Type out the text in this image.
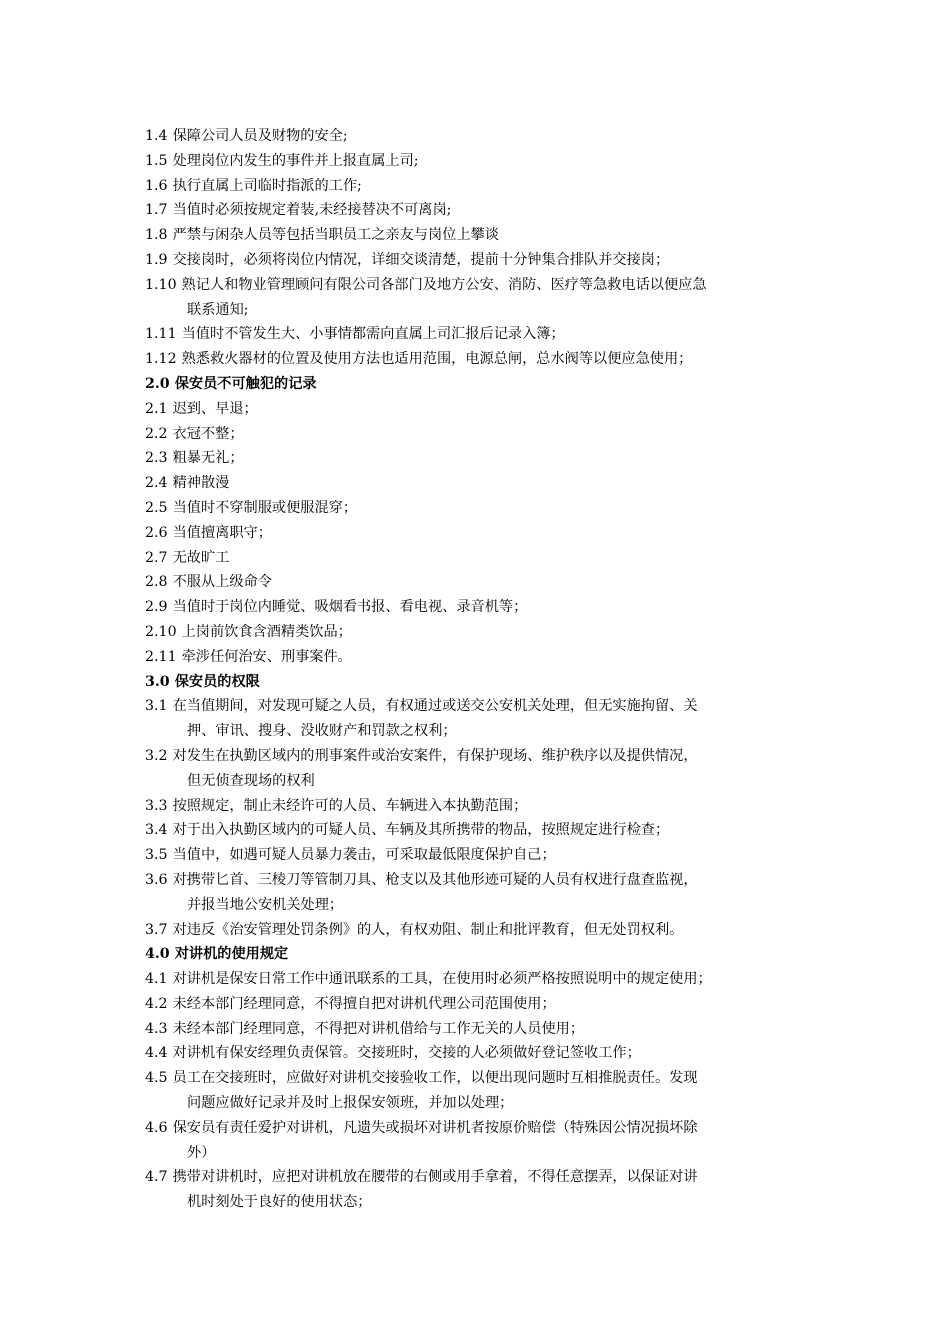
1.4 保障公司人员及财物的安全;
1.5 处理岗位内发生的事件并上报直属上司;
1.6 执行直属上司临时指派的工作;
1.7 当值时必须按规定着装,未经接替决不可离岗;
1.8 严禁与闲杂人员等包括当职员工之亲友与岗位上攀谈
1.9 交接岗时，必须将岗位内情况，详细交谈清楚，提前十分钟集合排队并交接岗；
1.10 熟记人和物业管理顾问有限公司各部门及地方公安、消防、医疗等急救电话以便应急
联系通知;
1.11 当值时不管发生大、小事情都需向直属上司汇报后记录入簿；
1.12 熟悉救火器材的位置及使用方法也适用范围，电源总闸，总水阀等以便应急使用；
2.0 保安员不可触犯的记录
2.1 迟到、早退；
2.2 衣冠不整；
2.3 粗暴无礼；
2.4 精神散漫
2.5 当值时不穿制服或便服混穿；
2.6 当值擅离职守；
2.7 无故旷工
2.8 不服从上级命令
2.9 当值时于岗位内睡觉、吸烟看书报、看电视、录音机等；
2.10 上岗前饮食含酒精类饮品；
2.11 牵涉任何治安、刑事案件。
3.0 保安员的权限
3.1 在当值期间，对发现可疑之人员，有权通过或送交公安机关处理，但无实施拘留、关
押、审讯、搜身、没收财产和罚款之权利；
3.2 对发生在执勤区域内的刑事案件或治安案件，有保护现场、维护秩序以及提供情况，
但无侦查现场的权利
3.3 按照规定，制止未经许可的人员、车辆进入本执勤范围；
3.4 对于出入执勤区域内的可疑人员、车辆及其所携带的物品，按照规定进行检查；
3.5 当值中，如遇可疑人员暴力袭击，可采取最低限度保护自己；
3.6 对携带匕首、三棱刀等管制刀具、枪支以及其他形迹可疑的人员有权进行盘查监视，
并报当地公安机关处理；
3.7 对违反《治安管理处罚条例》的人，有权劝阻、制止和批评教育，但无处罚权利。
4.0 对讲机的使用规定
4.1 对讲机是保安日常工作中通讯联系的工具，在使用时必须严格按照说明中的规定使用；
4.2 未经本部门经理同意，不得擅自把对讲机代理公司范围使用；
4.3 未经本部门经理同意，不得把对讲机借给与工作无关的人员使用；
4.4 对讲机有保安经理负责保管。交接班时，交接的人必须做好登记签收工作；
4.5 员工在交接班时，应做好对讲机交接验收工作，以便出现问题时互相推脱责任。发现
问题应做好记录并及时上报保安领班，并加以处理；
4.6 保安员有责任爱护对讲机，凡遗失或损坏对讲机者按原价赔偿（特殊因公情况损坏除
外）
4.7 携带对讲机时，应把对讲机放在腰带的右侧或用手拿着，不得任意摆弄，以保证对讲
机时刻处于良好的使用状态；
